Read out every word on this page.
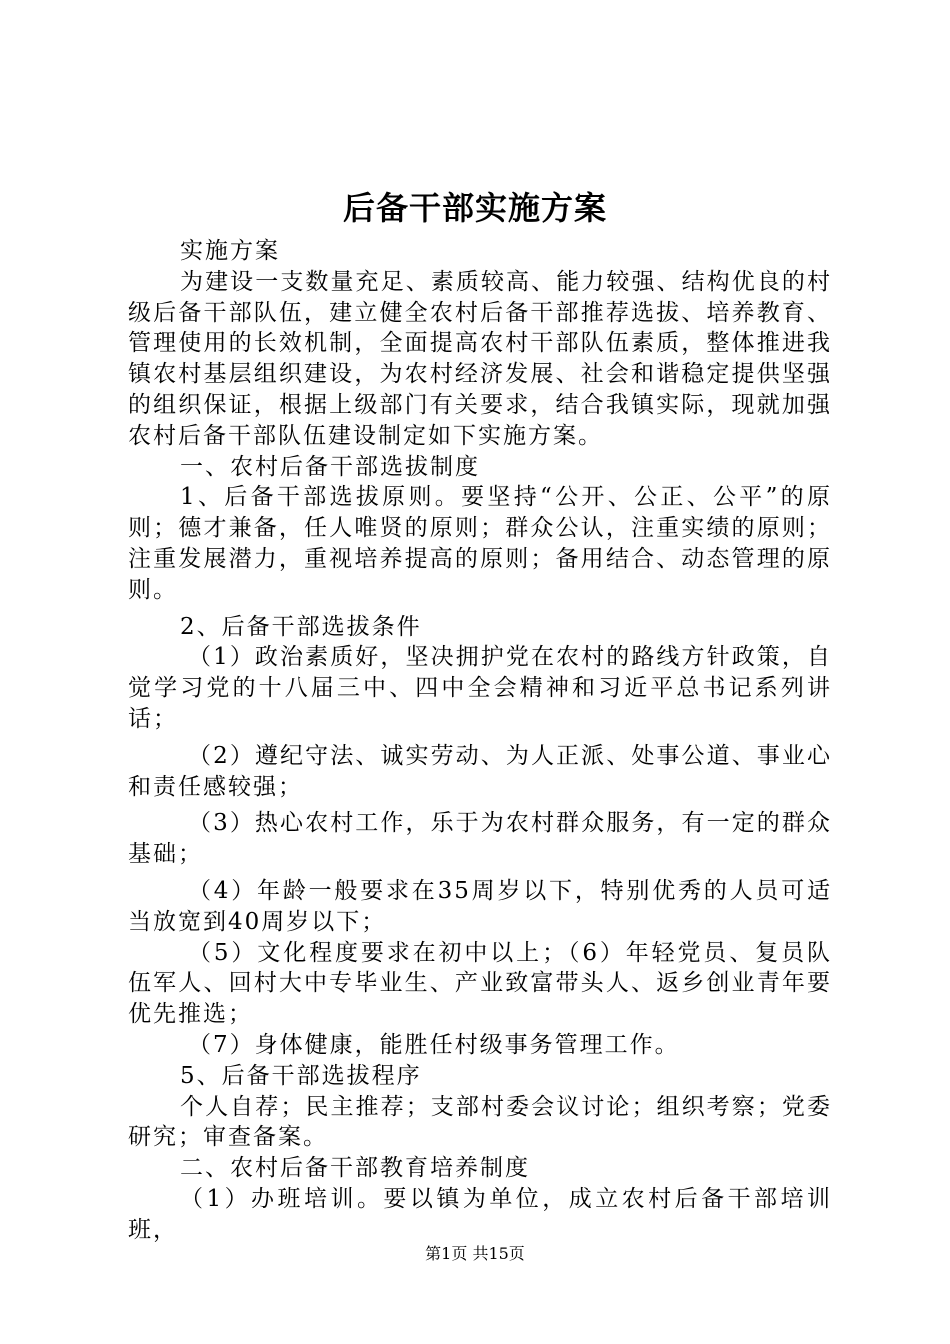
后备干部实施方案

实施方案

为建设一支数量充足、素质较高、能力较强、结构优良的村级后备干部队伍，建立健全农村后备干部推荐选拔、培养教育、管理使用的长效机制，全面提高农村干部队伍素质，整体推进我镇农村基层组织建设，为农村经济发展、社会和谐稳定提供坚强的组织保证，根据上级部门有关要求，结合我镇实际，现就加强农村后备干部队伍建设制定如下实施方案。

一、农村后备干部选拔制度

1、后备干部选拔原则。要坚持“公开、公正、公平”的原则；德才兼备，任人唯贤的原则；群众公认，注重实绩的原则；注重发展潜力，重视培养提高的原则；备用结合、动态管理的原则。

2、后备干部选拔条件

（1）政治素质好，坚决拥护党在农村的路线方针政策，自觉学习党的十八届三中、四中全会精神和习近平总书记系列讲话；

（2）遵纪守法、诚实劳动、为人正派、处事公道、事业心和责任感较强；

（3）热心农村工作，乐于为农村群众服务，有一定的群众基础；

（4）年龄一般要求在35周岁以下，特别优秀的人员可适当放宽到40周岁以下；

（5）文化程度要求在初中以上；（6）年轻党员、复员队伍军人、回村大中专毕业生、产业致富带头人、返乡创业青年要优先推选；

（7）身体健康，能胜任村级事务管理工作。

5、后备干部选拔程序

个人自荐；民主推荐；支部村委会议讨论；组织考察；党委研究；审查备案。

二、农村后备干部教育培养制度

（1）办班培训。要以镇为单位，成立农村后备干部培训班，

第1页 共15页
